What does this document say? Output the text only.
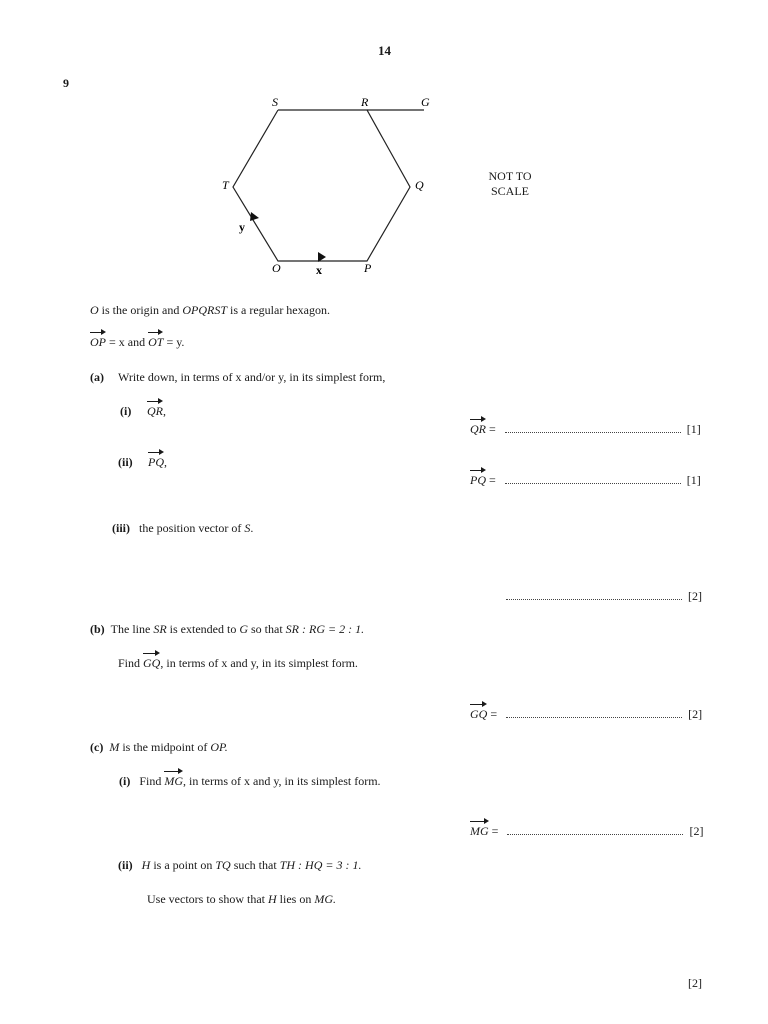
14
9
S	R	G
T	Q
O	P
y
x
NOT TO
SCALE
O is the origin and OPQRST is a regular hexagon.
OP = x and OT = y.
(a) Write down, in terms of x and/or y, in its simplest form,
(i) QR,
QR =	[1]
(ii) PQ,
PQ =	[1]
(iii) the position vector of S.
[2]
(b) The line SR is extended to G so that SR : RG = 2 : 1.
Find GQ, in terms of x and y, in its simplest form.
GQ =	[2]
(c) M is the midpoint of OP.
(i) Find MG, in terms of x and y, in its simplest form.
MG =	[2]
(ii) H is a point on TQ such that TH : HQ = 3 : 1.
Use vectors to show that H lies on MG.
[2]
